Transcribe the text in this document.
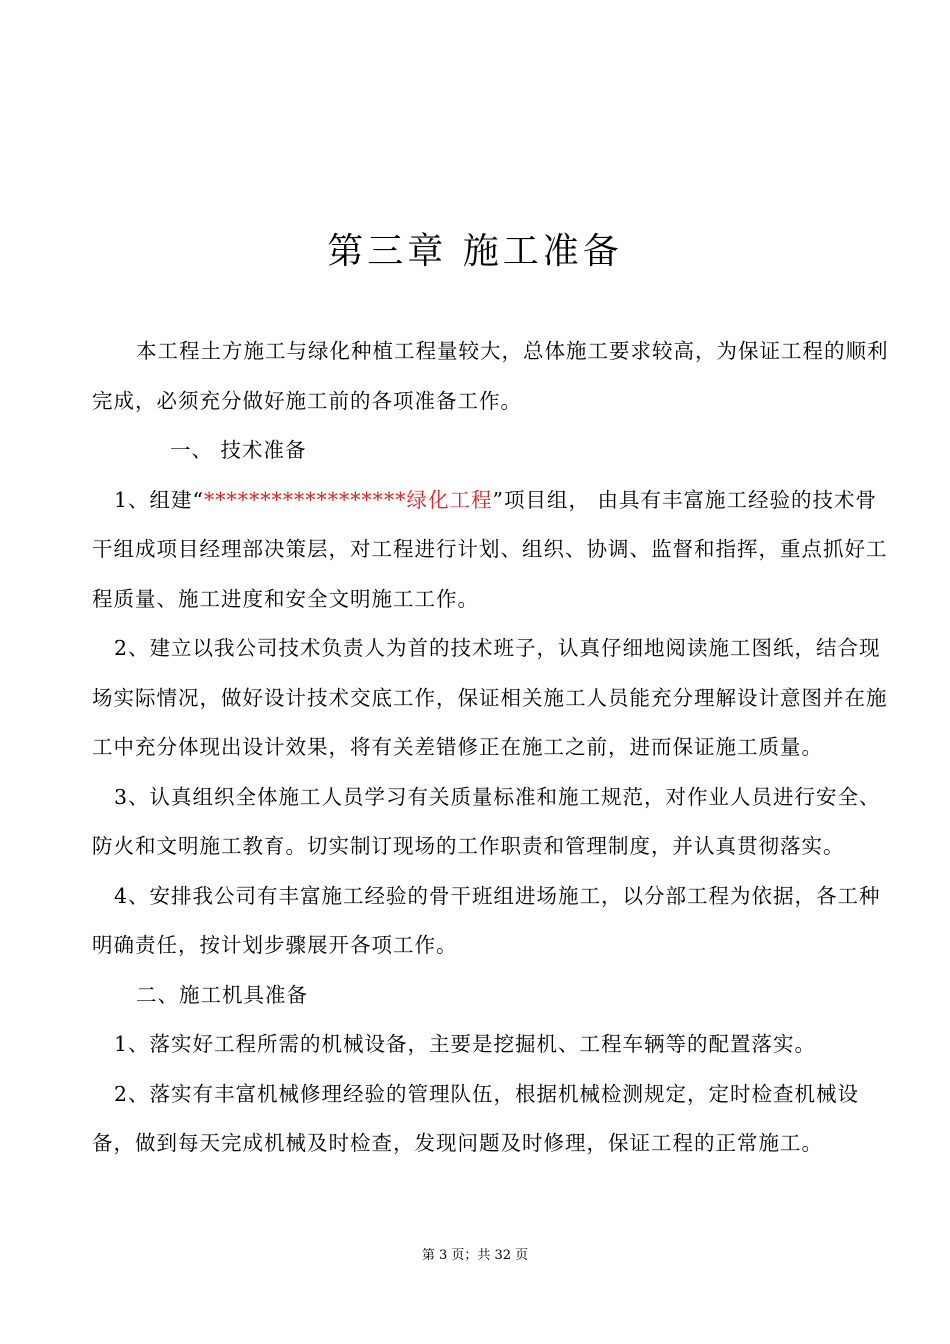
第三章 施工准备

本工程土方施工与绿化种植工程量较大，总体施工要求较高，为保证工程的顺利完成，必须充分做好施工前的各项准备工作。

一、 技术准备

1、组建“******************绿化工程”项目组， 由具有丰富施工经验的技术骨干组成项目经理部决策层，对工程进行计划、组织、协调、监督和指挥，重点抓好工程质量、施工进度和安全文明施工工作。

2、建立以我公司技术负责人为首的技术班子，认真仔细地阅读施工图纸，结合现场实际情况，做好设计技术交底工作，保证相关施工人员能充分理解设计意图并在施工中充分体现出设计效果，将有关差错修正在施工之前，进而保证施工质量。

3、认真组织全体施工人员学习有关质量标准和施工规范，对作业人员进行安全、防火和文明施工教育。切实制订现场的工作职责和管理制度，并认真贯彻落实。

4、安排我公司有丰富施工经验的骨干班组进场施工，以分部工程为依据，各工种明确责任，按计划步骤展开各项工作。

二、施工机具准备

1、落实好工程所需的机械设备，主要是挖掘机、工程车辆等的配置落实。

2、落实有丰富机械修理经验的管理队伍，根据机械检测规定，定时检查机械设备，做到每天完成机械及时检查，发现问题及时修理，保证工程的正常施工。

第 3 页；共 32 页
